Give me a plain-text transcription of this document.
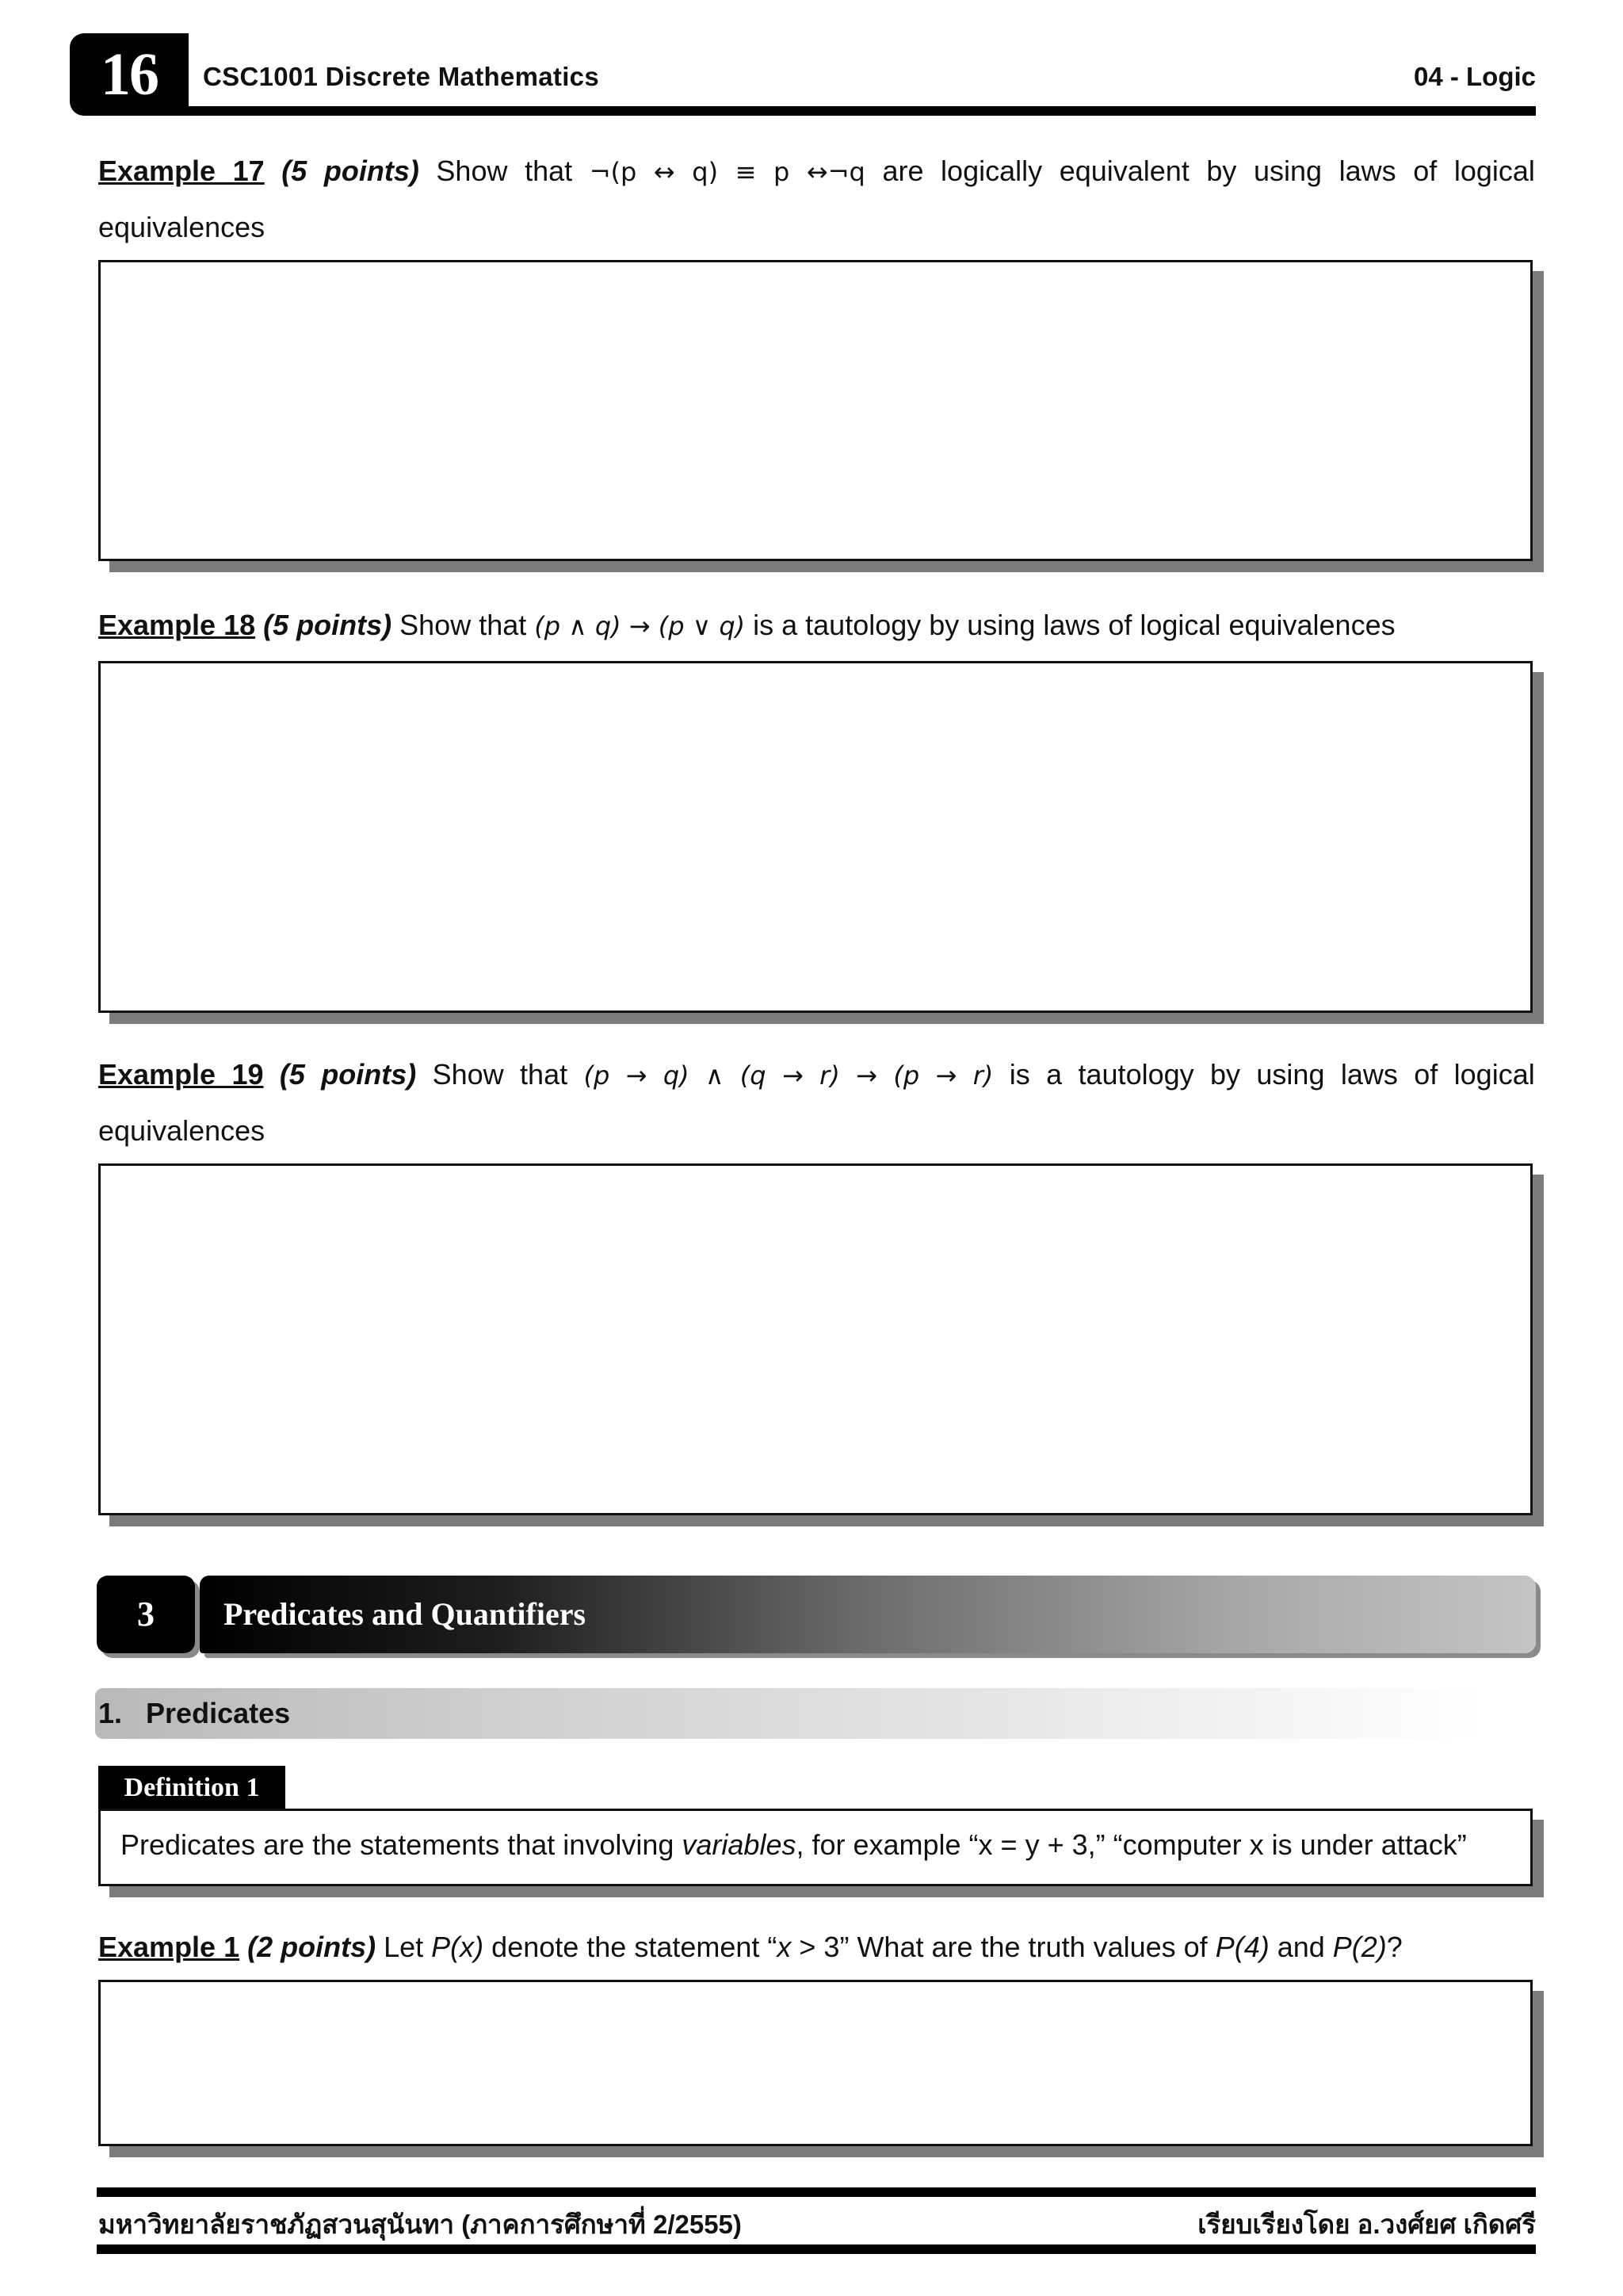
16	CSC1001 Discrete Mathematics	04 - Logic
Example 17 (5 points) Show that ¬(p ↔ q) ≡ p ↔¬q are logically equivalent by using laws of logical
equivalences
Example 18 (5 points) Show that (p ∧ q) → (p ∨ q) is a tautology by using laws of logical equivalences
Example 19 (5 points) Show that (p → q) ∧ (q → r) → (p → r) is a tautology by using laws of logical
equivalences
3	Predicates and Quantifiers
1.   Predicates
Definition 1
Predicates are the statements that involving variables, for example “x = y + 3,” “computer x is under attack”
Example 1 (2 points) Let P(x) denote the statement “x > 3” What are the truth values of P(4) and P(2)?
มหาวิทยาลัยราชภัฏสวนสุนันทา (ภาคการศึกษาที่ 2/2555)	เรียบเรียงโดย อ.วงศ์ยศ เกิดศรี
